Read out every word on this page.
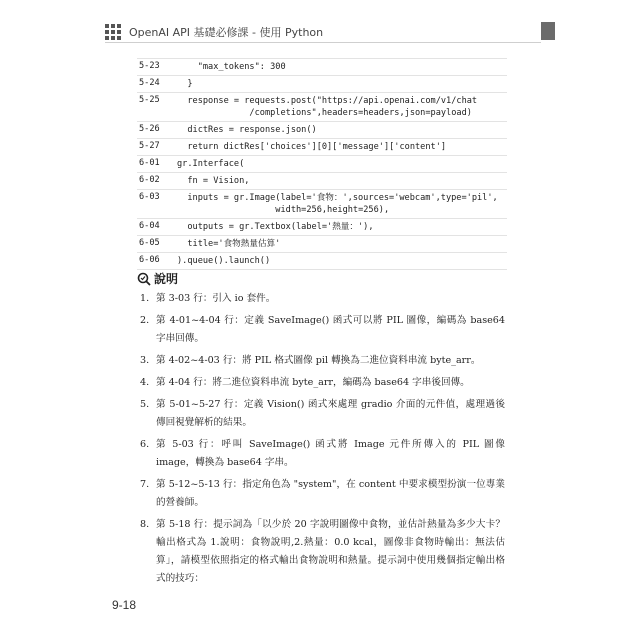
OpenAI API 基礎必修課 - 使用 Python
5-23	"max_tokens": 300
5-24	}
5-25	response = requests.post("https://api.openai.com/v1/chat
/completions",headers=headers,json=payload)
5-26	dictRes = response.json()
5-27	return dictRes['choices'][0]['message']['content']
6-01	gr.Interface(
6-02	fn = Vision,
6-03	inputs = gr.Image(label='食物：',sources='webcam',type='pil',
width=256,height=256),
6-04	outputs = gr.Textbox(label='熱量：'),
6-05	title='食物熱量估算'
6-06	).queue().launch()
說明
1. 第 3-03 行：引入 io 套件。
2. 第 4-01~4-04 行：定義 SaveImage() 函式可以將 PIL 圖像，編碼為 base64 字串回傳。
3. 第 4-02~4-03 行：將 PIL 格式圖像 pil 轉換為二進位資料串流 byte_arr。
4. 第 4-04 行：將二進位資料串流 byte_arr，編碼為 base64 字串後回傳。
5. 第 5-01~5-27 行：定義 Vision() 函式來處理 gradio 介面的元件值，處理過後傳回視覺解析的結果。
6. 第 5-03 行：呼叫 SaveImage() 函式將 Image 元件所傳入的 PIL 圖像 image，轉換為 base64 字串。
7. 第 5-12~5-13 行：指定角色為 "system"，在 content 中要求模型扮演一位專業的營養師。
8. 第 5-18 行：提示詞為「以少於 20 字說明圖像中食物，並估計熱量為多少大卡？輸出格式為 1.說明：食物說明,2.熱量：0.0 kcal，圖像非食物時輸出：無法估算」，請模型依照指定的格式輸出食物說明和熱量。提示詞中使用幾個指定輸出格式的技巧：
9-18
